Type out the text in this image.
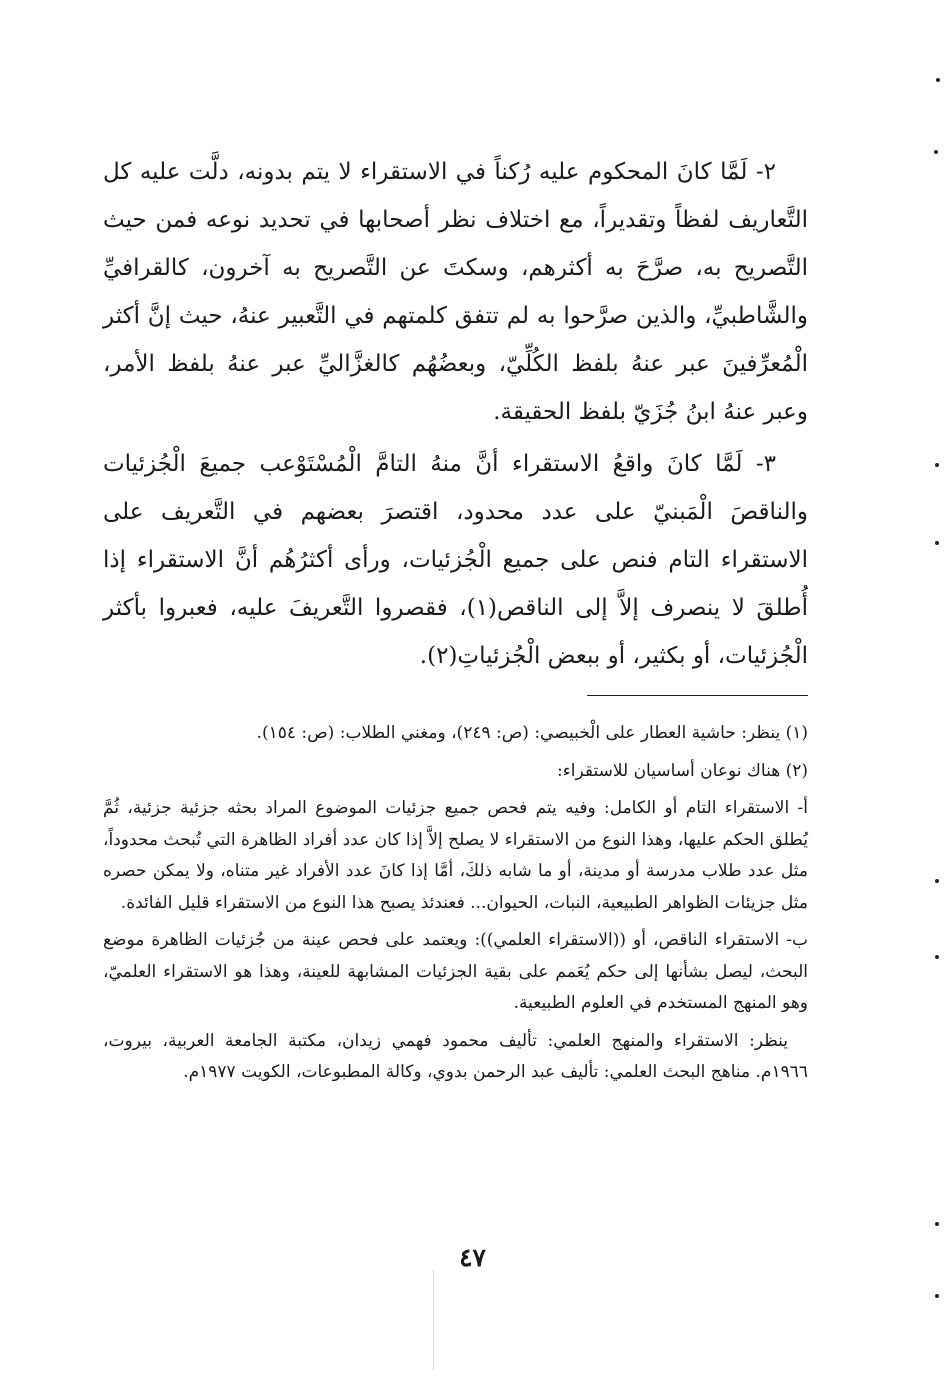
٢- لَمَّا كانَ المحكوم عليه رُكناً في الاستقراء لا يتم بدونه، دلَّت عليه كل التَّعاريف لفظاً وتقديراً، مع اختلاف نظر أصحابها في تحديد نوعه فمن حيث التَّصريح به، صرَّحَ به أكثرهم، وسكتَ عن التَّصريح به آخرون، كالقرافيِّ والشَّاطبيِّ، والذين صرَّحوا به لم تتفق كلمتهم في التَّعبير عنهُ، حيث إنَّ أكثر الْمُعرِّفينَ عبر عنهُ بلفظ الكُلِّيّ، وبعضُهُم كالغزَّاليِّ عبر عنهُ بلفظ الأمر، وعبر عنهُ ابنُ جُزَيّ بلفظ الحقيقة.

٣- لَمَّا كانَ واقعُ الاستقراء أنَّ منهُ التامَّ الْمُسْتَوْعب جميعَ الْجُزئيات والناقصَ الْمَبنيّ على عدد محدود، اقتصرَ بعضهم في التَّعريف على الاستقراء التام فنص على جميع الْجُزئيات، ورأى أكثرُهُم أنَّ الاستقراء إذا أُطلقَ لا ينصرف إلاَّ إلى الناقص(١)، فقصروا التَّعريفَ عليه، فعبروا بأكثر الْجُزئيات، أو بكثير، أو ببعض الْجُزئياتِ(٢).

(١) ينظر: حاشية العطار على الْخبيصي: (ص: ٢٤٩)، ومغني الطلاب: (ص: ١٥٤).

(٢) هناك نوعان أساسيان للاستقراء:

أ- الاستقراء التام أو الكامل: وفيه يتم فحص جميع جزئيات الموضوع المراد بحثه جزئية جزئية، ثُمَّ يُطلق الحكم عليها، وهذا النوع من الاستقراء لا يصلح إلاَّ إذا كان عدد أفراد الظاهرة التي تُبحث محدوداً، مثل عدد طلاب مدرسة أو مدينة، أو ما شابه ذلكَ، أمَّا إذا كانَ عدد الأفراد غير متناه، ولا يمكن حصره مثل جزيئات الظواهر الطبيعية، النبات، الحيوان... فعندئذ يصبح هذا النوع من الاستقراء قليل الفائدة.

ب- الاستقراء الناقص، أو ((الاستقراء العلمي)): ويعتمد على فحص عينة من جُزئيات الظاهرة موضع البحث، ليصل بشأنها إلى حكم يُعَمم على بقية الجزئيات المشابهة للعينة، وهذا هو الاستقراء العلميّ، وهو المنهج المستخدم في العلوم الطبيعية.

ينظر: الاستقراء والمنهج العلمي: تأليف محمود فهمي زيدان، مكتبة الجامعة العربية، بيروت، ١٩٦٦م. مناهج البحث العلمي: تأليف عبد الرحمن بدوي، وكالة المطبوعات، الكويت ١٩٧٧م.

٤٧
